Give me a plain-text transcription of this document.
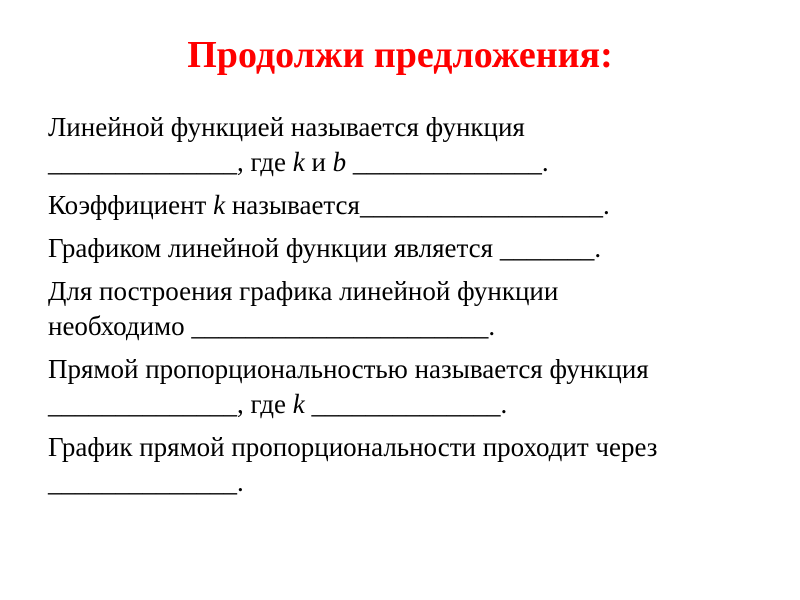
Продолжи предложения:
Линейной функцией называется функция
______________, где k и b ______________.
Коэффициент k называется__________________.
Графиком линейной функции является _______.
Для построения графика линейной функции
необходимо ______________________.
Прямой пропорциональностью называется функция
______________, где k ______________.
График прямой пропорциональности проходит через
______________.
